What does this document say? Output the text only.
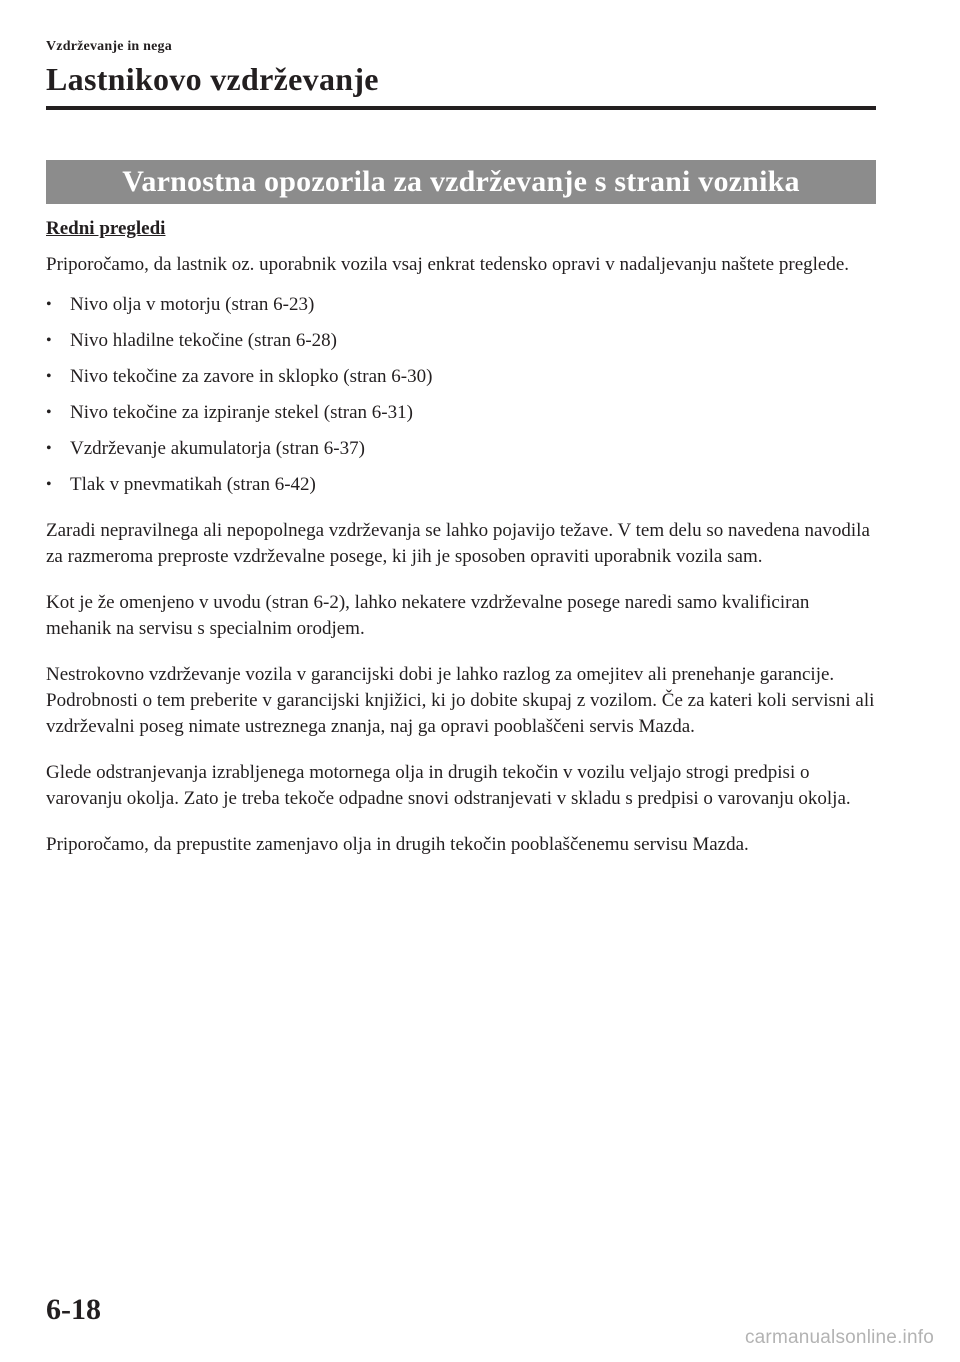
Vzdrževanje in nega
Lastnikovo vzdrževanje
Varnostna opozorila za vzdrževanje s strani voznika

Redni pregledi

Priporočamo, da lastnik oz. uporabnik vozila vsaj enkrat tedensko opravi v nadaljevanju naštete preglede.

• Nivo olja v motorju (stran 6-23)
• Nivo hladilne tekočine (stran 6-28)
• Nivo tekočine za zavore in sklopko (stran 6-30)
• Nivo tekočine za izpiranje stekel (stran 6-31)
• Vzdrževanje akumulatorja (stran 6-37)
• Tlak v pnevmatikah (stran 6-42)

Zaradi nepravilnega ali nepopolnega vzdrževanja se lahko pojavijo težave. V tem delu so navedena navodila za razmeroma preproste vzdrževalne posege, ki jih je sposoben opraviti uporabnik vozila sam.

Kot je že omenjeno v uvodu (stran 6-2), lahko nekatere vzdrževalne posege naredi samo kvalificiran mehanik na servisu s specialnim orodjem.

Nestrokovno vzdrževanje vozila v garancijski dobi je lahko razlog za omejitev ali prenehanje garancije. Podrobnosti o tem preberite v garancijski knjižici, ki jo dobite skupaj z vozilom. Če za kateri koli servisni ali vzdrževalni poseg nimate ustreznega znanja, naj ga opravi pooblaščeni servis Mazda.

Glede odstranjevanja izrabljenega motornega olja in drugih tekočin v vozilu veljajo strogi predpisi o varovanju okolja. Zato je treba tekoče odpadne snovi odstranjevati v skladu s predpisi o varovanju okolja.

Priporočamo, da prepustite zamenjavo olja in drugih tekočin pooblaščenemu servisu Mazda.

6-18
carmanualsonline.info
